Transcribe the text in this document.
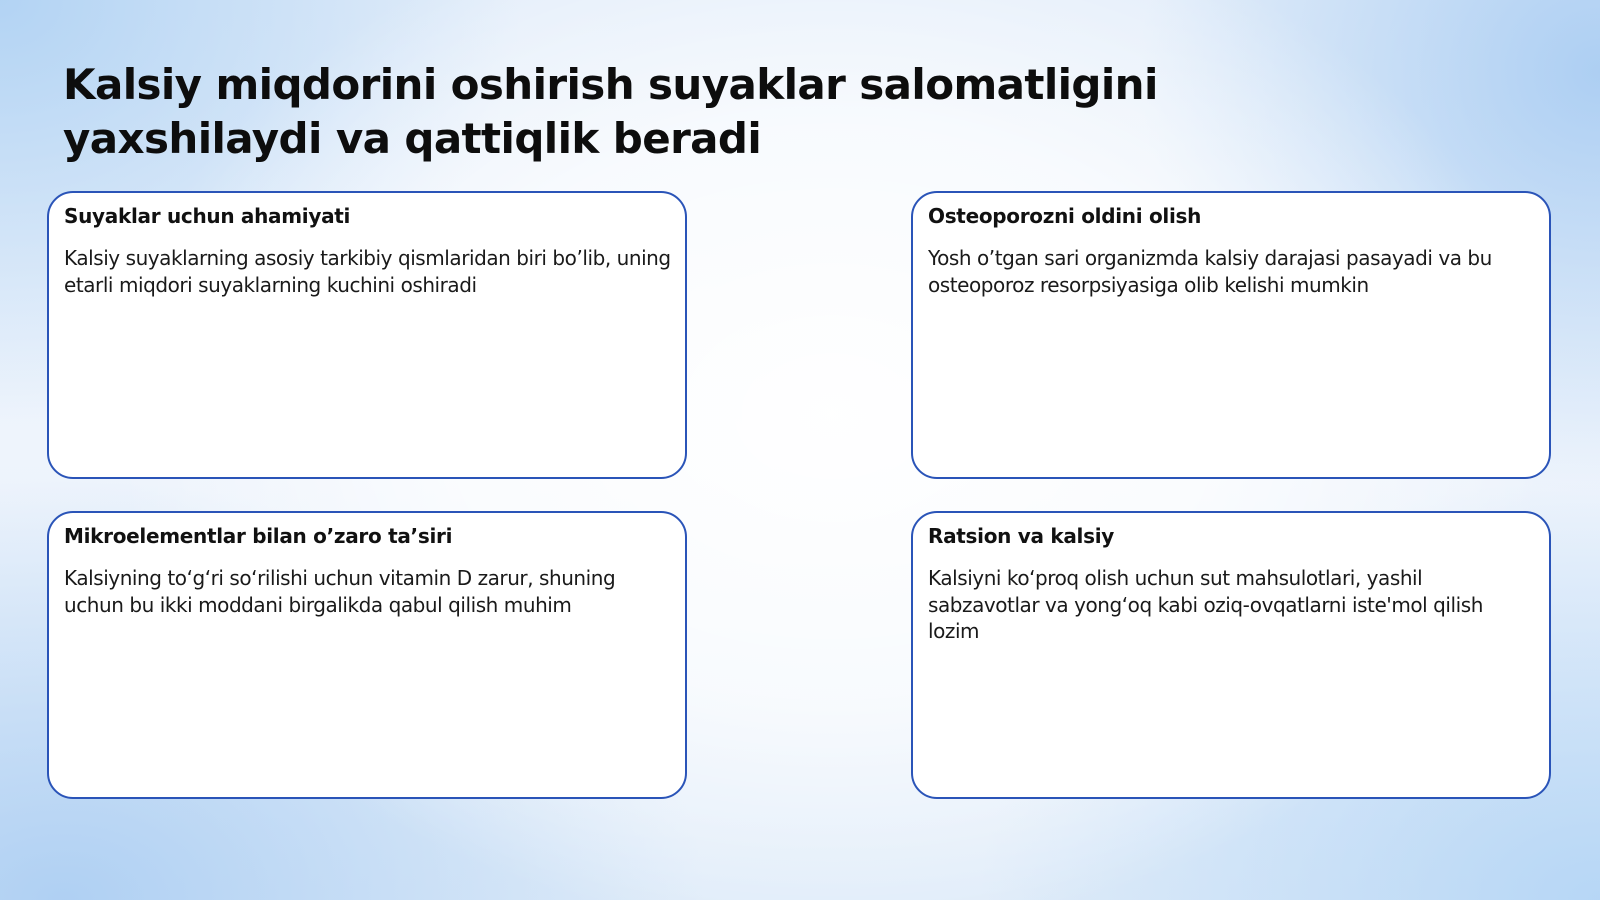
Kalsiy miqdorini oshirish suyaklar salomatligini yaxshilaydi va qattiqlik beradi
Suyaklar uchun ahamiyati

Kalsiy suyaklarning asosiy tarkibiy qismlaridan biri bo’lib, uning etarli miqdori suyaklarning kuchini oshiradi

Osteoporozni oldini olish

Yosh o’tgan sari organizmda kalsiy darajasi pasayadi va bu osteoporoz resorpsiyasiga olib kelishi mumkin

Mikroelementlar bilan o’zaro ta’siri

Kalsiyning to‘g‘ri so‘rilishi uchun vitamin D zarur, shuning uchun bu ikki moddani birgalikda qabul qilish muhim

Ratsion va kalsiy

Kalsiyni ko‘proq olish uchun sut mahsulotlari, yashil sabzavotlar va yong‘oq kabi oziq-ovqatlarni iste'mol qilish lozim
